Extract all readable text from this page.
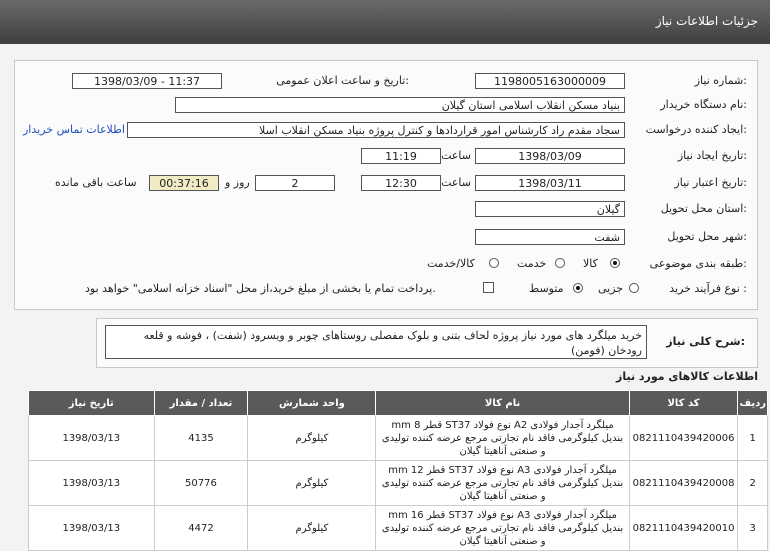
جزئیات اطلاعات نیاز
شماره نیاز:
1198005163000009
تاریخ و ساعت اعلان عمومی:
1398/03/09 - 11:37
نام دستگاه خریدار:
بنیاد مسکن انقلاب اسلامی استان گیلان
ایجاد کننده درخواست:
سجاد مقدم راد کارشناس امور قراردادها و کنترل پروژه بنیاد مسکن انقلاب اسلا
اطلاعات تماس خریدار
تاریخ ایجاد نیاز:
1398/03/09
ساعت
11:19
تاریخ اعتبار نیاز:
1398/03/11
ساعت
12:30
2
روز و
00:37:16
ساعت باقی مانده
استان محل تحویل:
گیلان
شهر محل تحویل:
شفت
طبقه بندی موضوعی:
کالا
خدمت
کالا/خدمت
نوع فرآیند خرید :
جزیی
متوسط
پرداخت تمام یا بخشی از مبلغ خرید،از محل "اسناد خزانه اسلامی" خواهد بود.
خرید میلگرد های مورد نیاز پروژه لحاف بتنی و بلوک مفصلی روستاهای چوبر و ویسرود (شفت) ، فوشه و قلعه رودخان (فومن)
شرح کلی نیاز:
اطلاعات کالاهای مورد نیاز
ردیف	کد کالا	نام کالا	واحد شمارش	تعداد / مقدار	تاریخ نیاز
1	0821110439420006	میلگرد آجدار فولادی A2 نوع فولاد ST37 قطر 8 mm بندیل کیلوگرمی فاقد نام تجارتی مرجع عرضه کننده تولیدی و صنعتی آناهیتا گیلان	کیلوگرم	4135	1398/03/13
2	0821110439420008	میلگرد آجدار فولادی A3 نوع فولاد ST37 قطر 12 mm بندیل کیلوگرمی فاقد نام تجارتی مرجع عرضه کننده تولیدی و صنعتی آناهیتا گیلان	کیلوگرم	50776	1398/03/13
3	0821110439420010	میلگرد آجدار فولادی A3 نوع فولاد ST37 قطر 16 mm بندیل کیلوگرمی فاقد نام تجارتی مرجع عرضه کننده تولیدی و صنعتی آناهیتا گیلان	کیلوگرم	4472	1398/03/13
